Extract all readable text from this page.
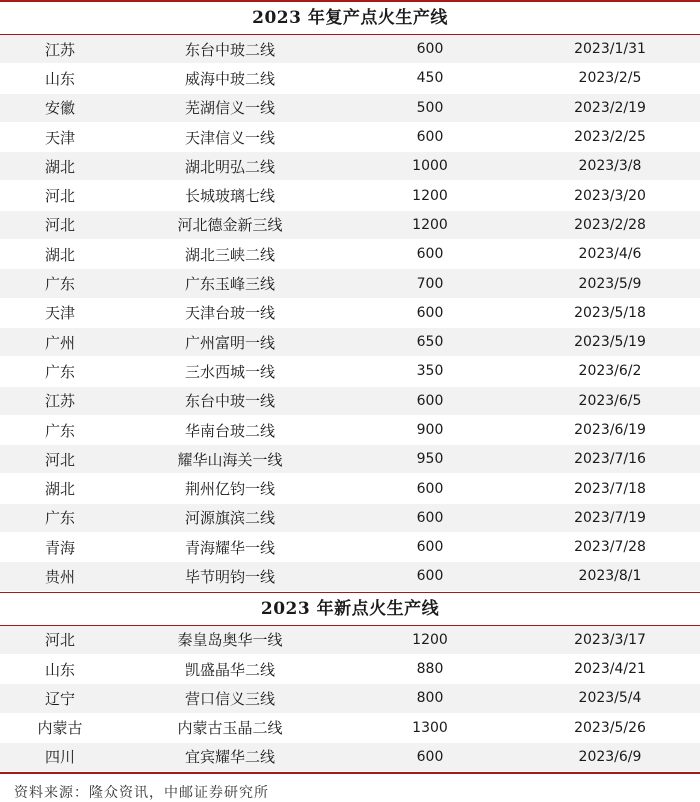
2023 年复产点火生产线
江苏	东台中玻二线	600	2023/1/31
山东	威海中玻二线	450	2023/2/5
安徽	芜湖信义一线	500	2023/2/19
天津	天津信义一线	600	2023/2/25
湖北	湖北明弘二线	1000	2023/3/8
河北	长城玻璃七线	1200	2023/3/20
河北	河北德金新三线	1200	2023/2/28
湖北	湖北三峡二线	600	2023/4/6
广东	广东玉峰三线	700	2023/5/9
天津	天津台玻一线	600	2023/5/18
广州	广州富明一线	650	2023/5/19
广东	三水西城一线	350	2023/6/2
江苏	东台中玻一线	600	2023/6/5
广东	华南台玻二线	900	2023/6/19
河北	耀华山海关一线	950	2023/7/16
湖北	荆州亿钧一线	600	2023/7/18
广东	河源旗滨二线	600	2023/7/19
青海	青海耀华一线	600	2023/7/28
贵州	毕节明钧一线	600	2023/8/1
2023 年新点火生产线
河北	秦皇岛奥华一线	1200	2023/3/17
山东	凯盛晶华二线	880	2023/4/21
辽宁	营口信义三线	800	2023/5/4
内蒙古	内蒙古玉晶二线	1300	2023/5/26
四川	宜宾耀华二线	600	2023/6/9
资料来源：隆众资讯，中邮证券研究所
